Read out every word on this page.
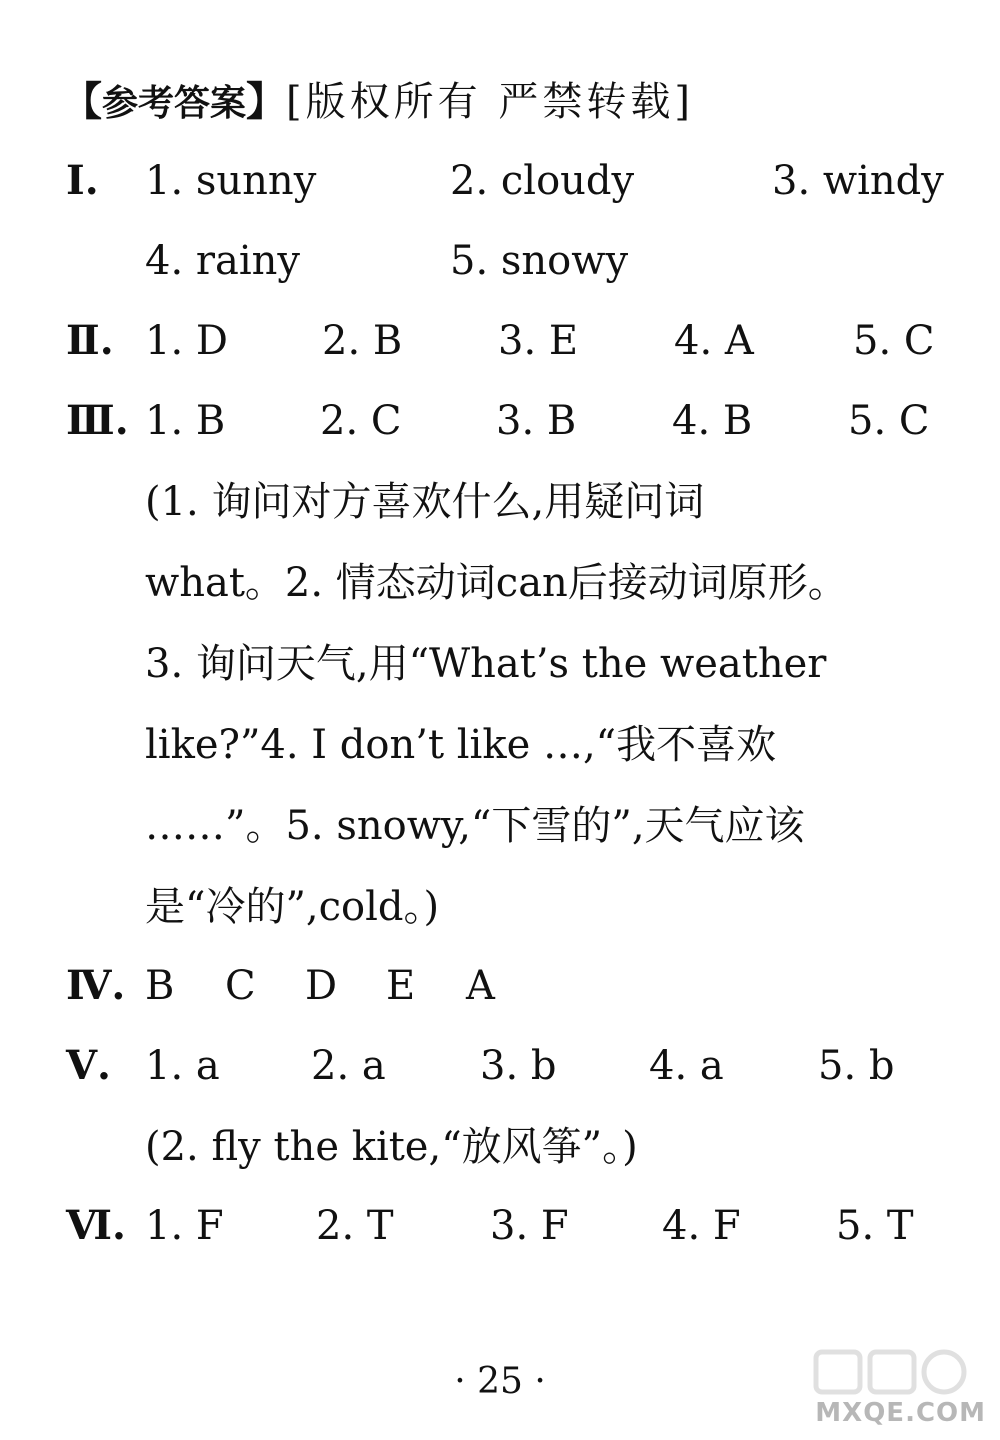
【参考答案】[版权所有 严禁转载]
Ⅰ. 1. sunny	2. cloudy	3. windy
4. rainy	5. snowy
Ⅱ. 1. D 2. B 3. E 4. A 5. C
Ⅲ. 1. B 2. C 3. B 4. B 5. C
(1. 询问对方喜欢什么,用疑问词
what。2. 情态动词can后接动词原形。
3. 询问天气,用“What’s the weather
like?”4. I don’t like …,“我不喜欢
……”。5. snowy,“下雪的”,天气应该
是“冷的”,cold。)
Ⅳ. B C D E A
Ⅴ. 1. a 2. a 3. b 4. a 5. b
(2. fly the kite,“放风筝”。)
Ⅵ. 1. F 2. T 3. F 4. F 5. T
· 25 ·
MXQE.COM
